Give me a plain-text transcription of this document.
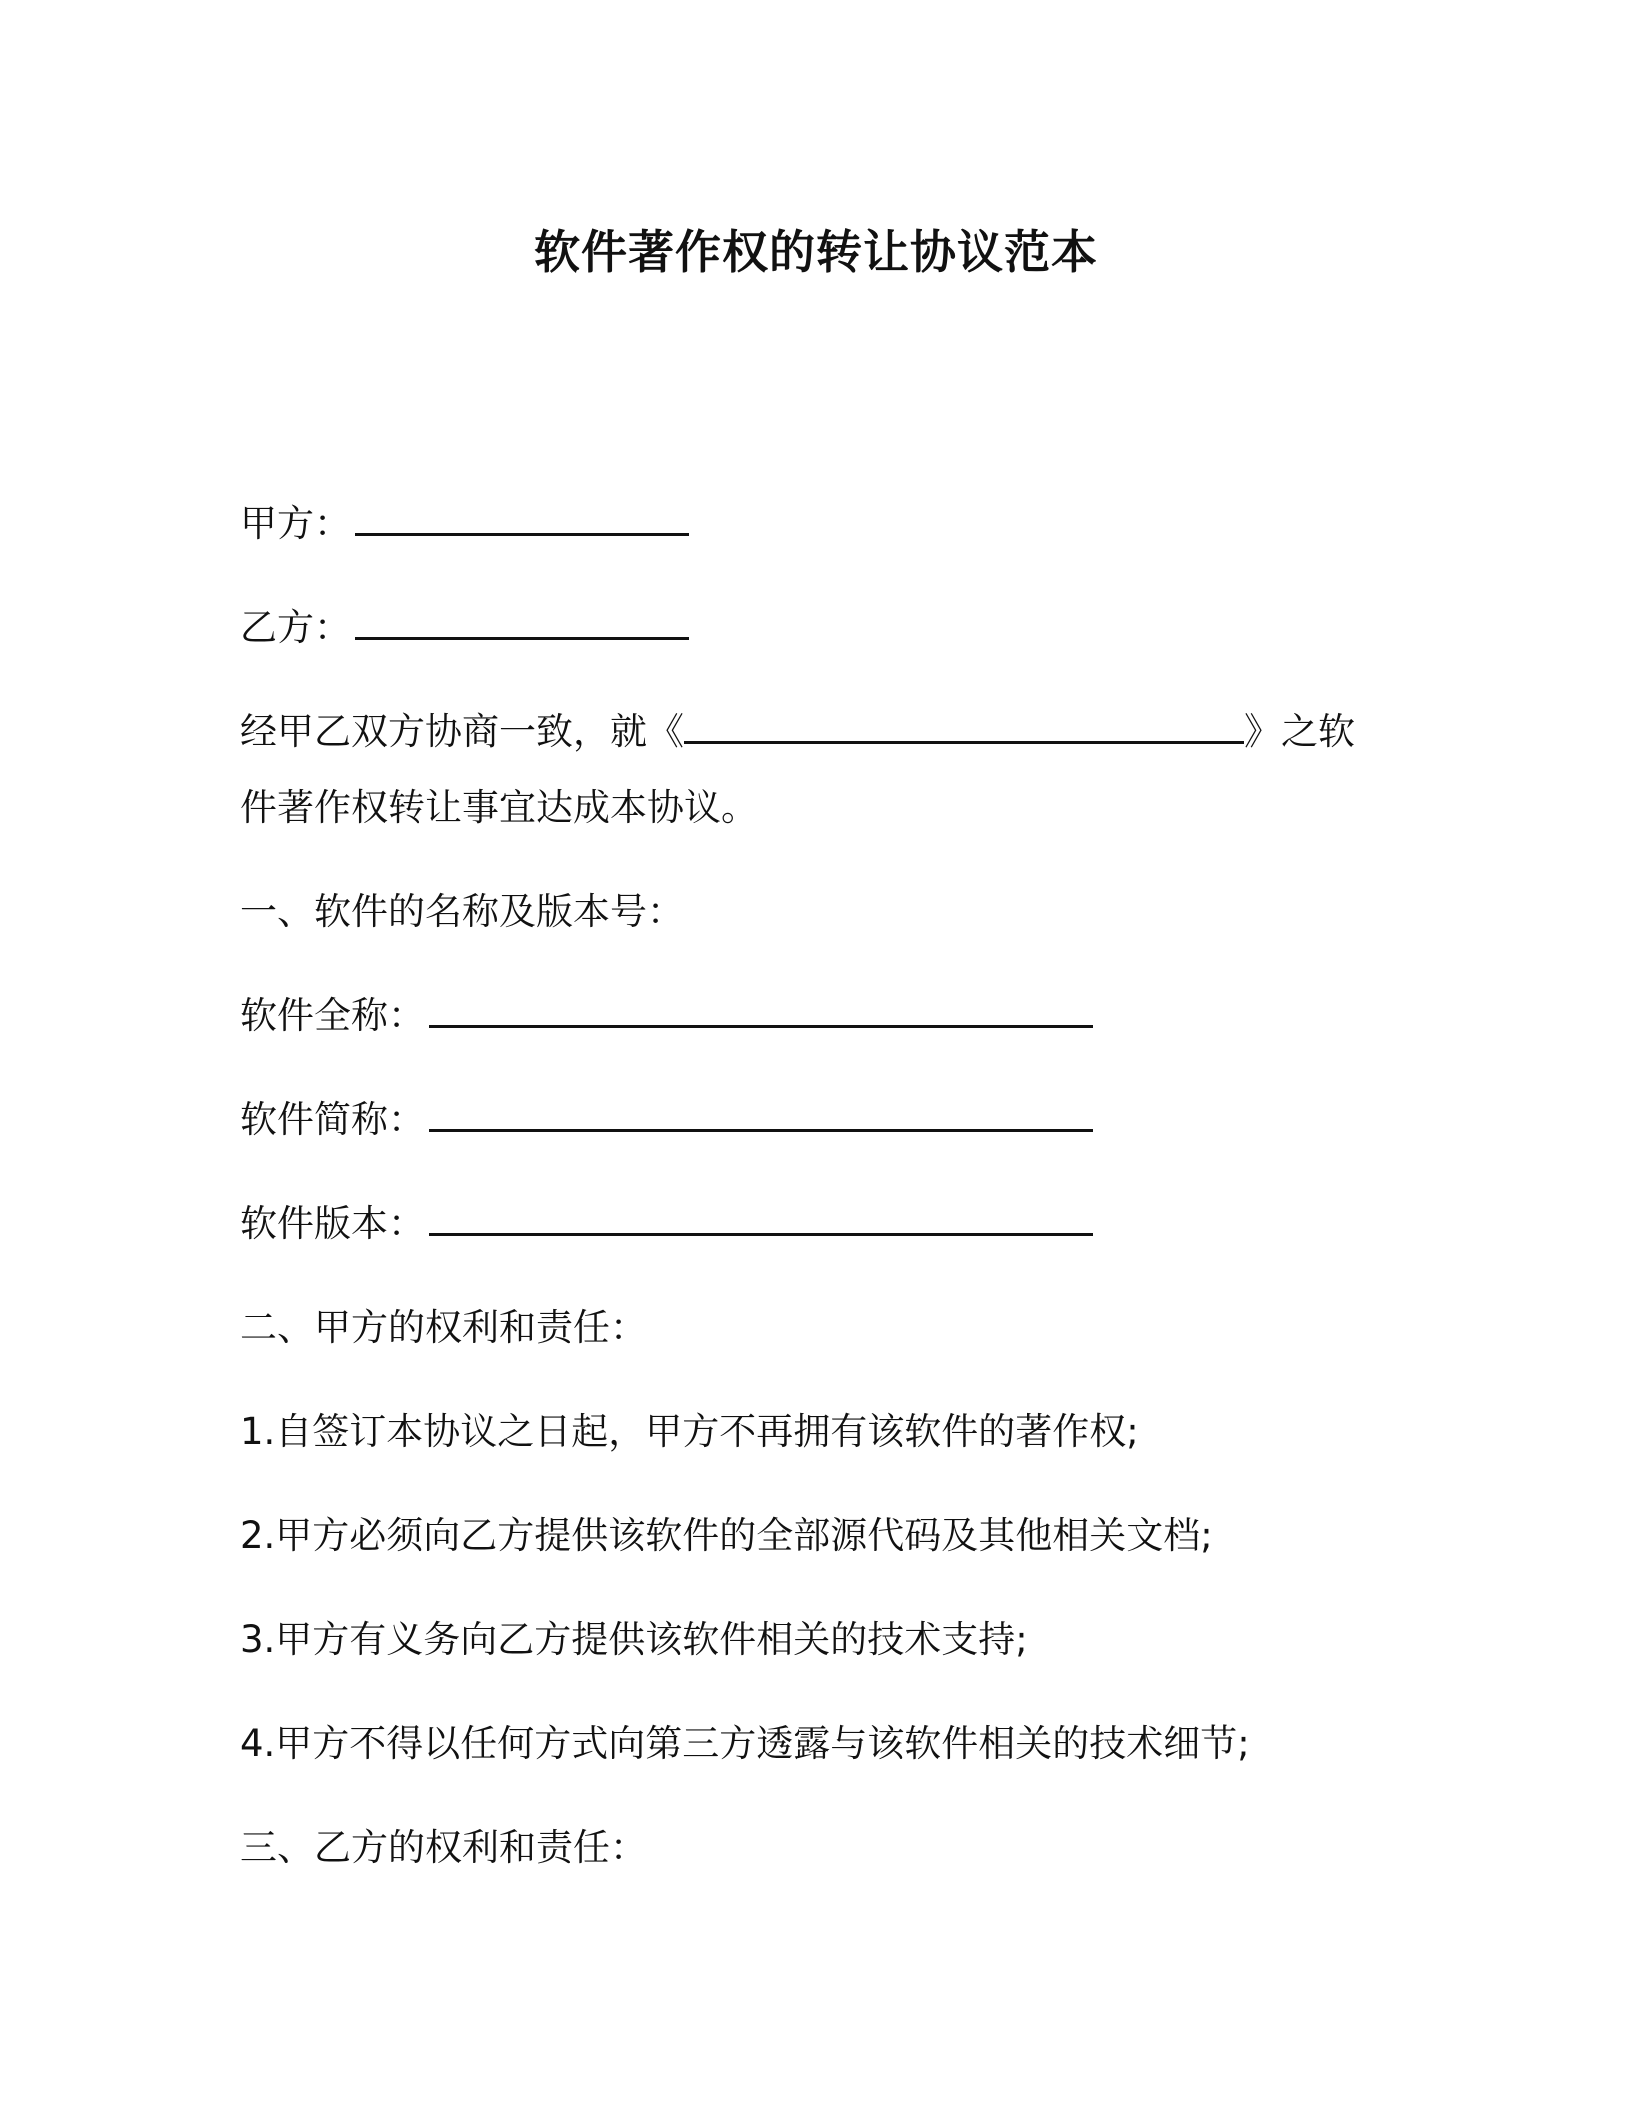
软件著作权的转让协议范本
甲方：
乙方：
经甲乙双方协商一致，就《	》之软
件著作权转让事宜达成本协议。
一、软件的名称及版本号：
软件全称：
软件简称：
软件版本：
二、甲方的权利和责任：
1.自签订本协议之日起，甲方不再拥有该软件的著作权;
2.甲方必须向乙方提供该软件的全部源代码及其他相关文档;
3.甲方有义务向乙方提供该软件相关的技术支持;
4.甲方不得以任何方式向第三方透露与该软件相关的技术细节;
三、乙方的权利和责任：
